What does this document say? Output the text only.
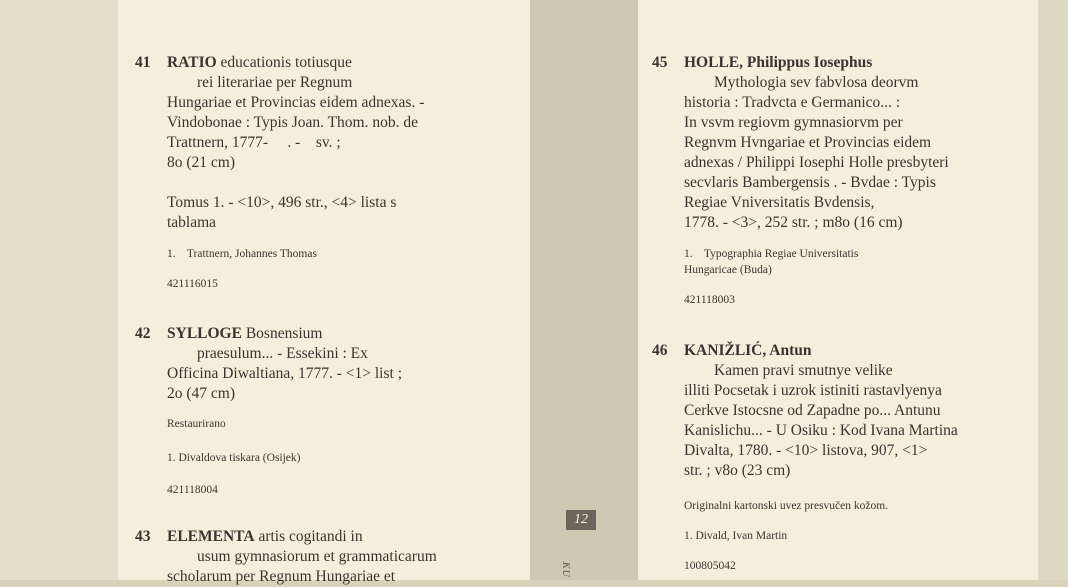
12
KU
41 RATIO educationis totiusque
rei literariae per Regnum
Hungariae et Provincias eidem adnexas. -
Vindobonae : Typis Joan. Thom. nob. de
Trattnern, 1777-     . -    sv. ;
8o (21 cm)
Tomus 1. - <10>, 496 str., <4> lista s
tablama
1.    Trattnern, Johannes Thomas
421116015
42 SYLLOGE Bosnensium
praesulum... - Essekini : Ex
Officina Diwaltiana, 1777. - <1> list ;
2o (47 cm)
Restaurirano
1. Divaldova tiskara (Osijek)
421118004
43 ELEMENTA artis cogitandi in
usum gymnasiorum et grammaticarum
scholarum per Regnum Hungariae et
45 HOLLE, Philippus Iosephus
Mythologia sev fabvlosa deorvm
historia : Tradvcta e Germanico... :
In vsvm regiovm gymnasiorvm per
Regnvm Hvngariae et Provincias eidem
adnexas / Philippi Iosephi Holle presbyteri
secvlaris Bambergensis . - Bvdae : Typis
Regiae Vniversitatis Bvdensis,
1778. - <3>, 252 str. ; m8o (16 cm)
1.    Typographia Regiae Universitatis
Hungaricae (Buda)
421118003
46 KANIŽLIĆ, Antun
Kamen pravi smutnye velike
illiti Pocsetak i uzrok istiniti rastavlyenya
Cerkve Istocsne od Zapadne po... Antunu
Kanislichu... - U Osiku : Kod Ivana Martina
Divalta, 1780. - <10> listova, 907, <1>
str. ; v8o (23 cm)
Originalni kartonski uvez presvučen kožom.
1. Divald, Ivan Martin
100805042
